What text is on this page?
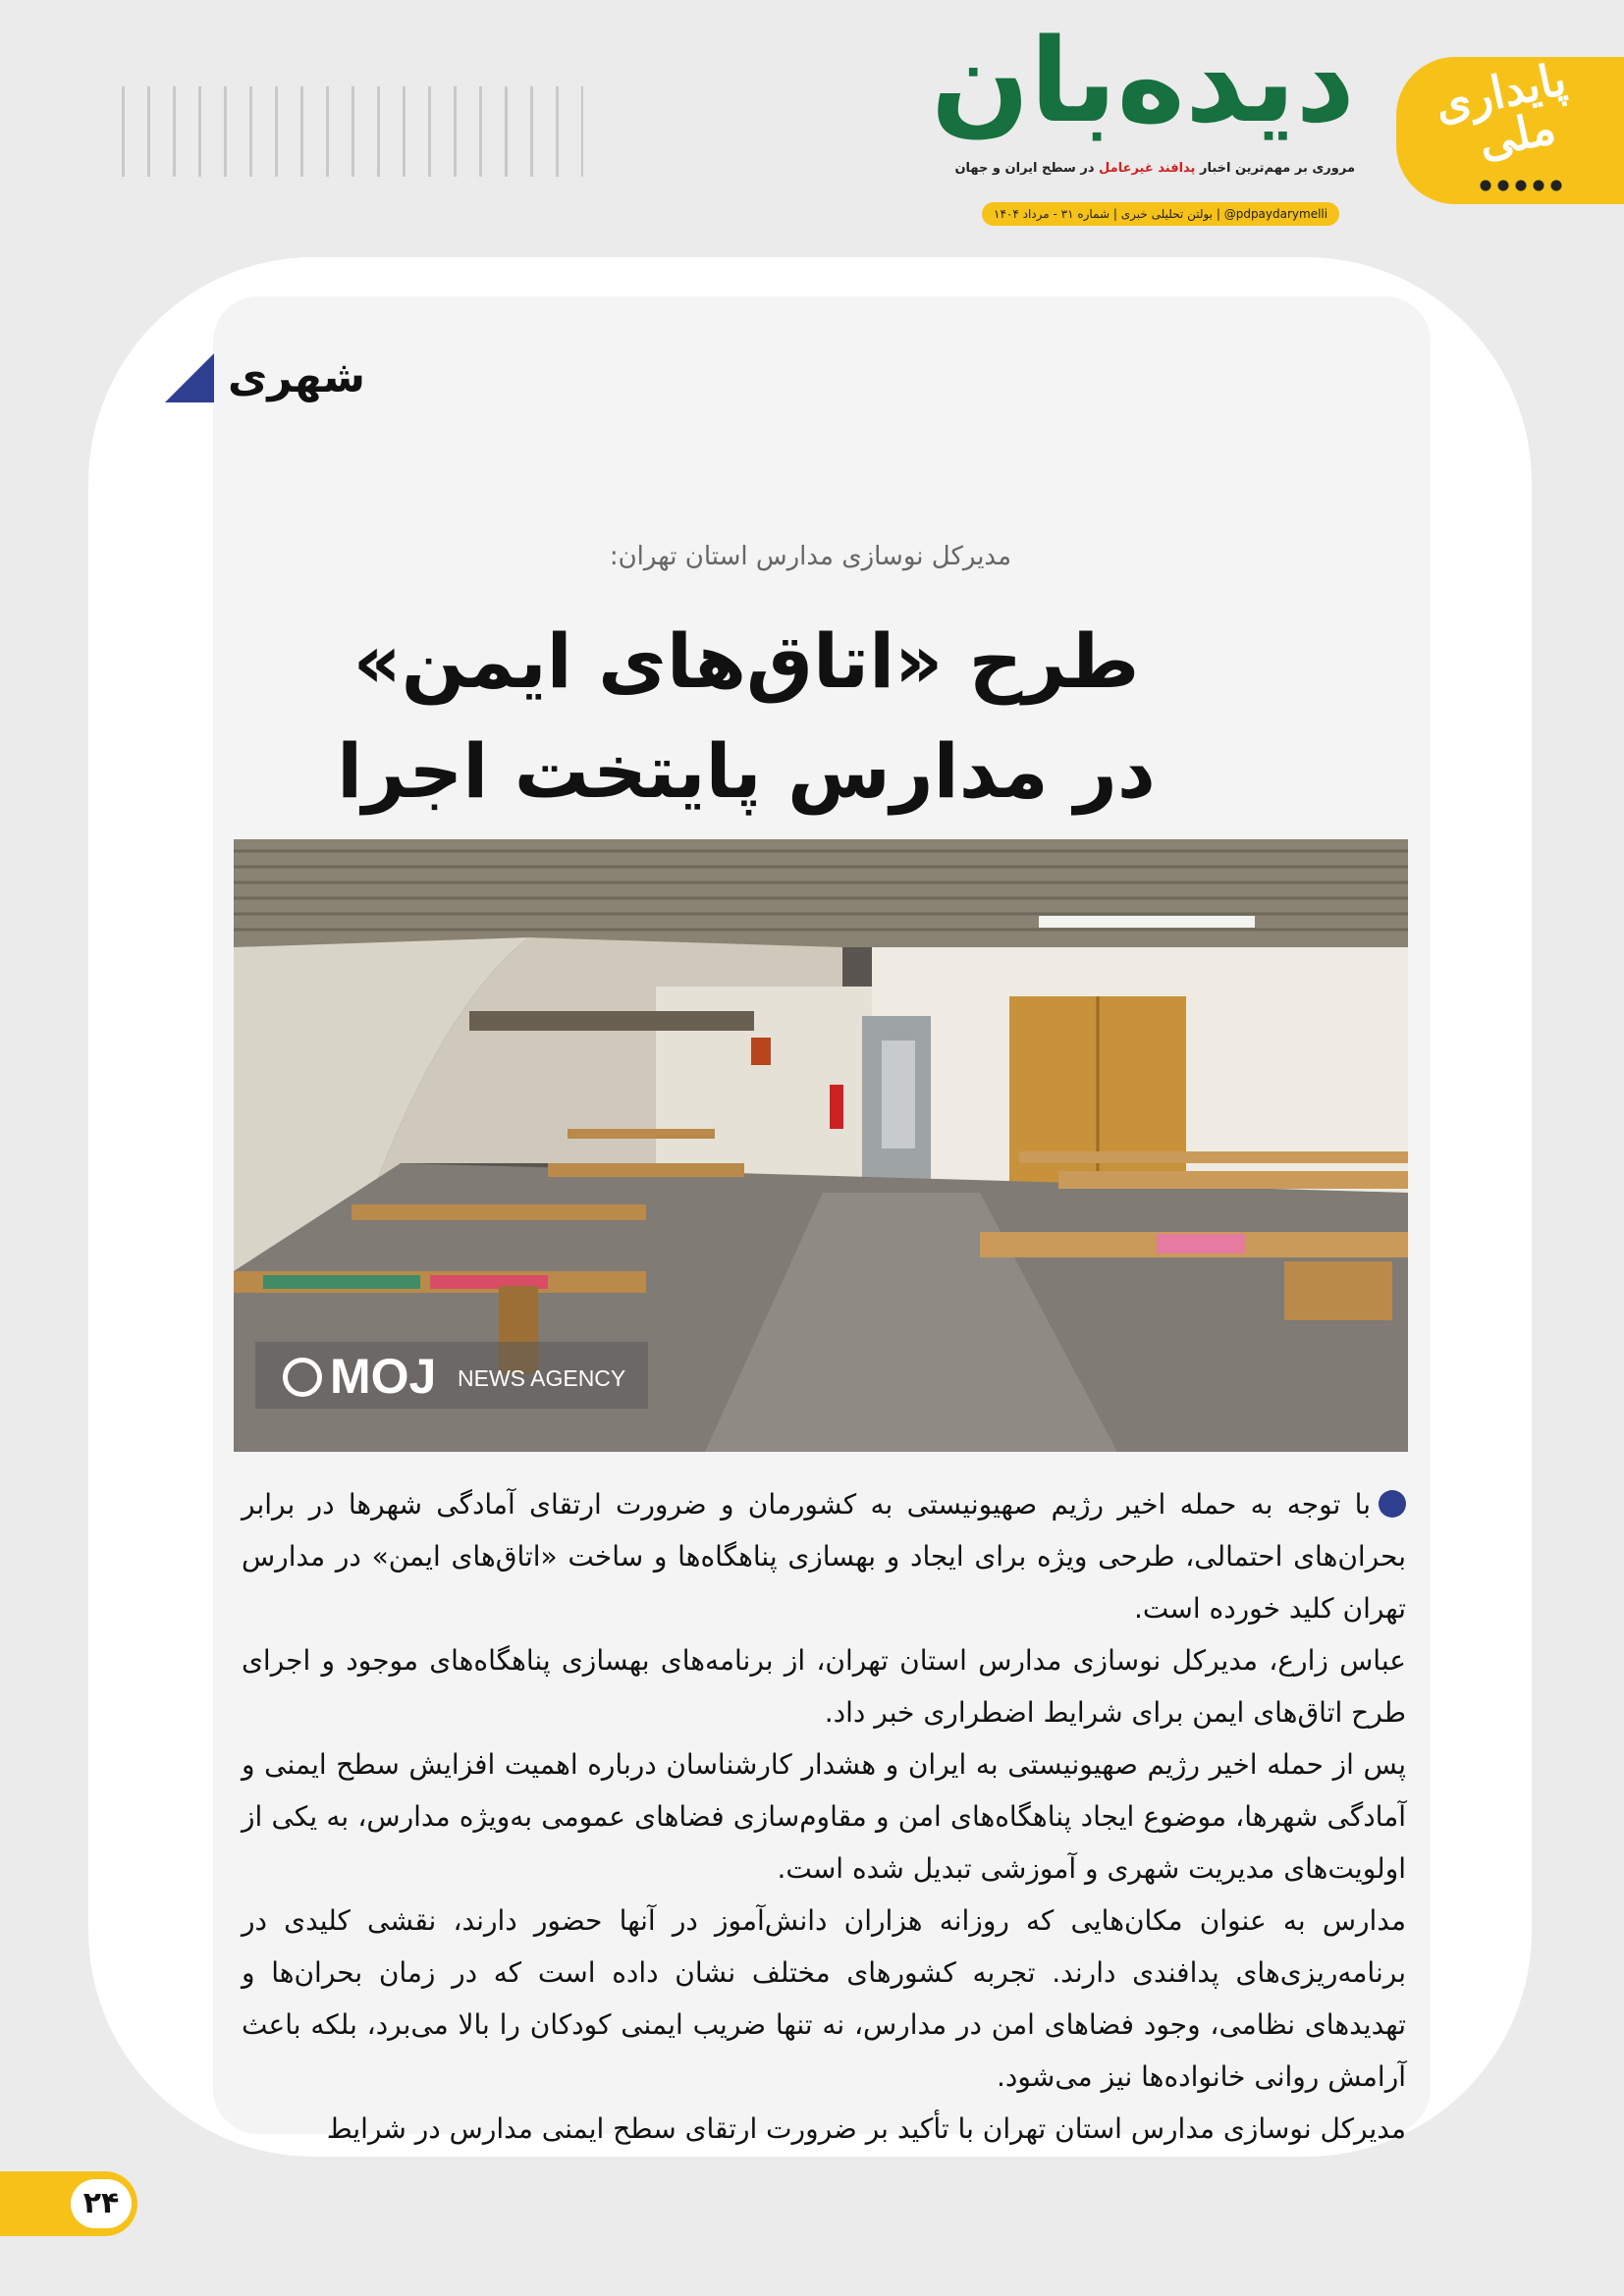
دیده‌بان
مروری بر مهم‌ترین اخبار پدافند غیرعامل در سطح ایران و جهان
بولتن تحلیلی خبری | شماره ۳۱ - مرداد ۱۴۰۴ | @pdpaydarymelli
پایداری ملی
شهری
مدیرکل نوسازی مدارس استان تهران:
طرح «اتاق‌های ایمن»
در مدارس پایتخت اجرا
MOJ NEWS AGENCY

با توجه به حمله اخیر رژیم صهیونیستی به کشورمان و ضرورت ارتقای آمادگی شهرها در برابر بحران‌های احتمالی، طرحی ویژه برای ایجاد و بهسازی پناهگاه‌ها و ساخت «اتاق‌های ایمن» در مدارس تهران کلید خورده است.

عباس زارع، مدیرکل نوسازی مدارس استان تهران، از برنامه‌های بهسازی پناهگاه‌های موجود و اجرای طرح اتاق‌های ایمن برای شرایط اضطراری خبر داد.

پس از حمله اخیر رژیم صهیونیستی به ایران و هشدار کارشناسان درباره اهمیت افزایش سطح ایمنی و آمادگی شهرها، موضوع ایجاد پناهگاه‌های امن و مقاوم‌سازی فضاهای عمومی به‌ویژه مدارس، به یکی از اولویت‌های مدیریت شهری و آموزشی تبدیل شده است.

مدارس به عنوان مکان‌هایی که روزانه هزاران دانش‌آموز در آنها حضور دارند، نقشی کلیدی در برنامه‌ریزی‌های پدافندی دارند. تجربه کشورهای مختلف نشان داده است که در زمان بحران‌ها و تهدیدهای نظامی، وجود فضاهای امن در مدارس، نه تنها ضریب ایمنی کودکان را بالا می‌برد، بلکه باعث آرامش روانی خانواده‌ها نیز می‌شود.

مدیرکل نوسازی مدارس استان تهران با تأکید بر ضرورت ارتقای سطح ایمنی مدارس در شرایط

۲۴
